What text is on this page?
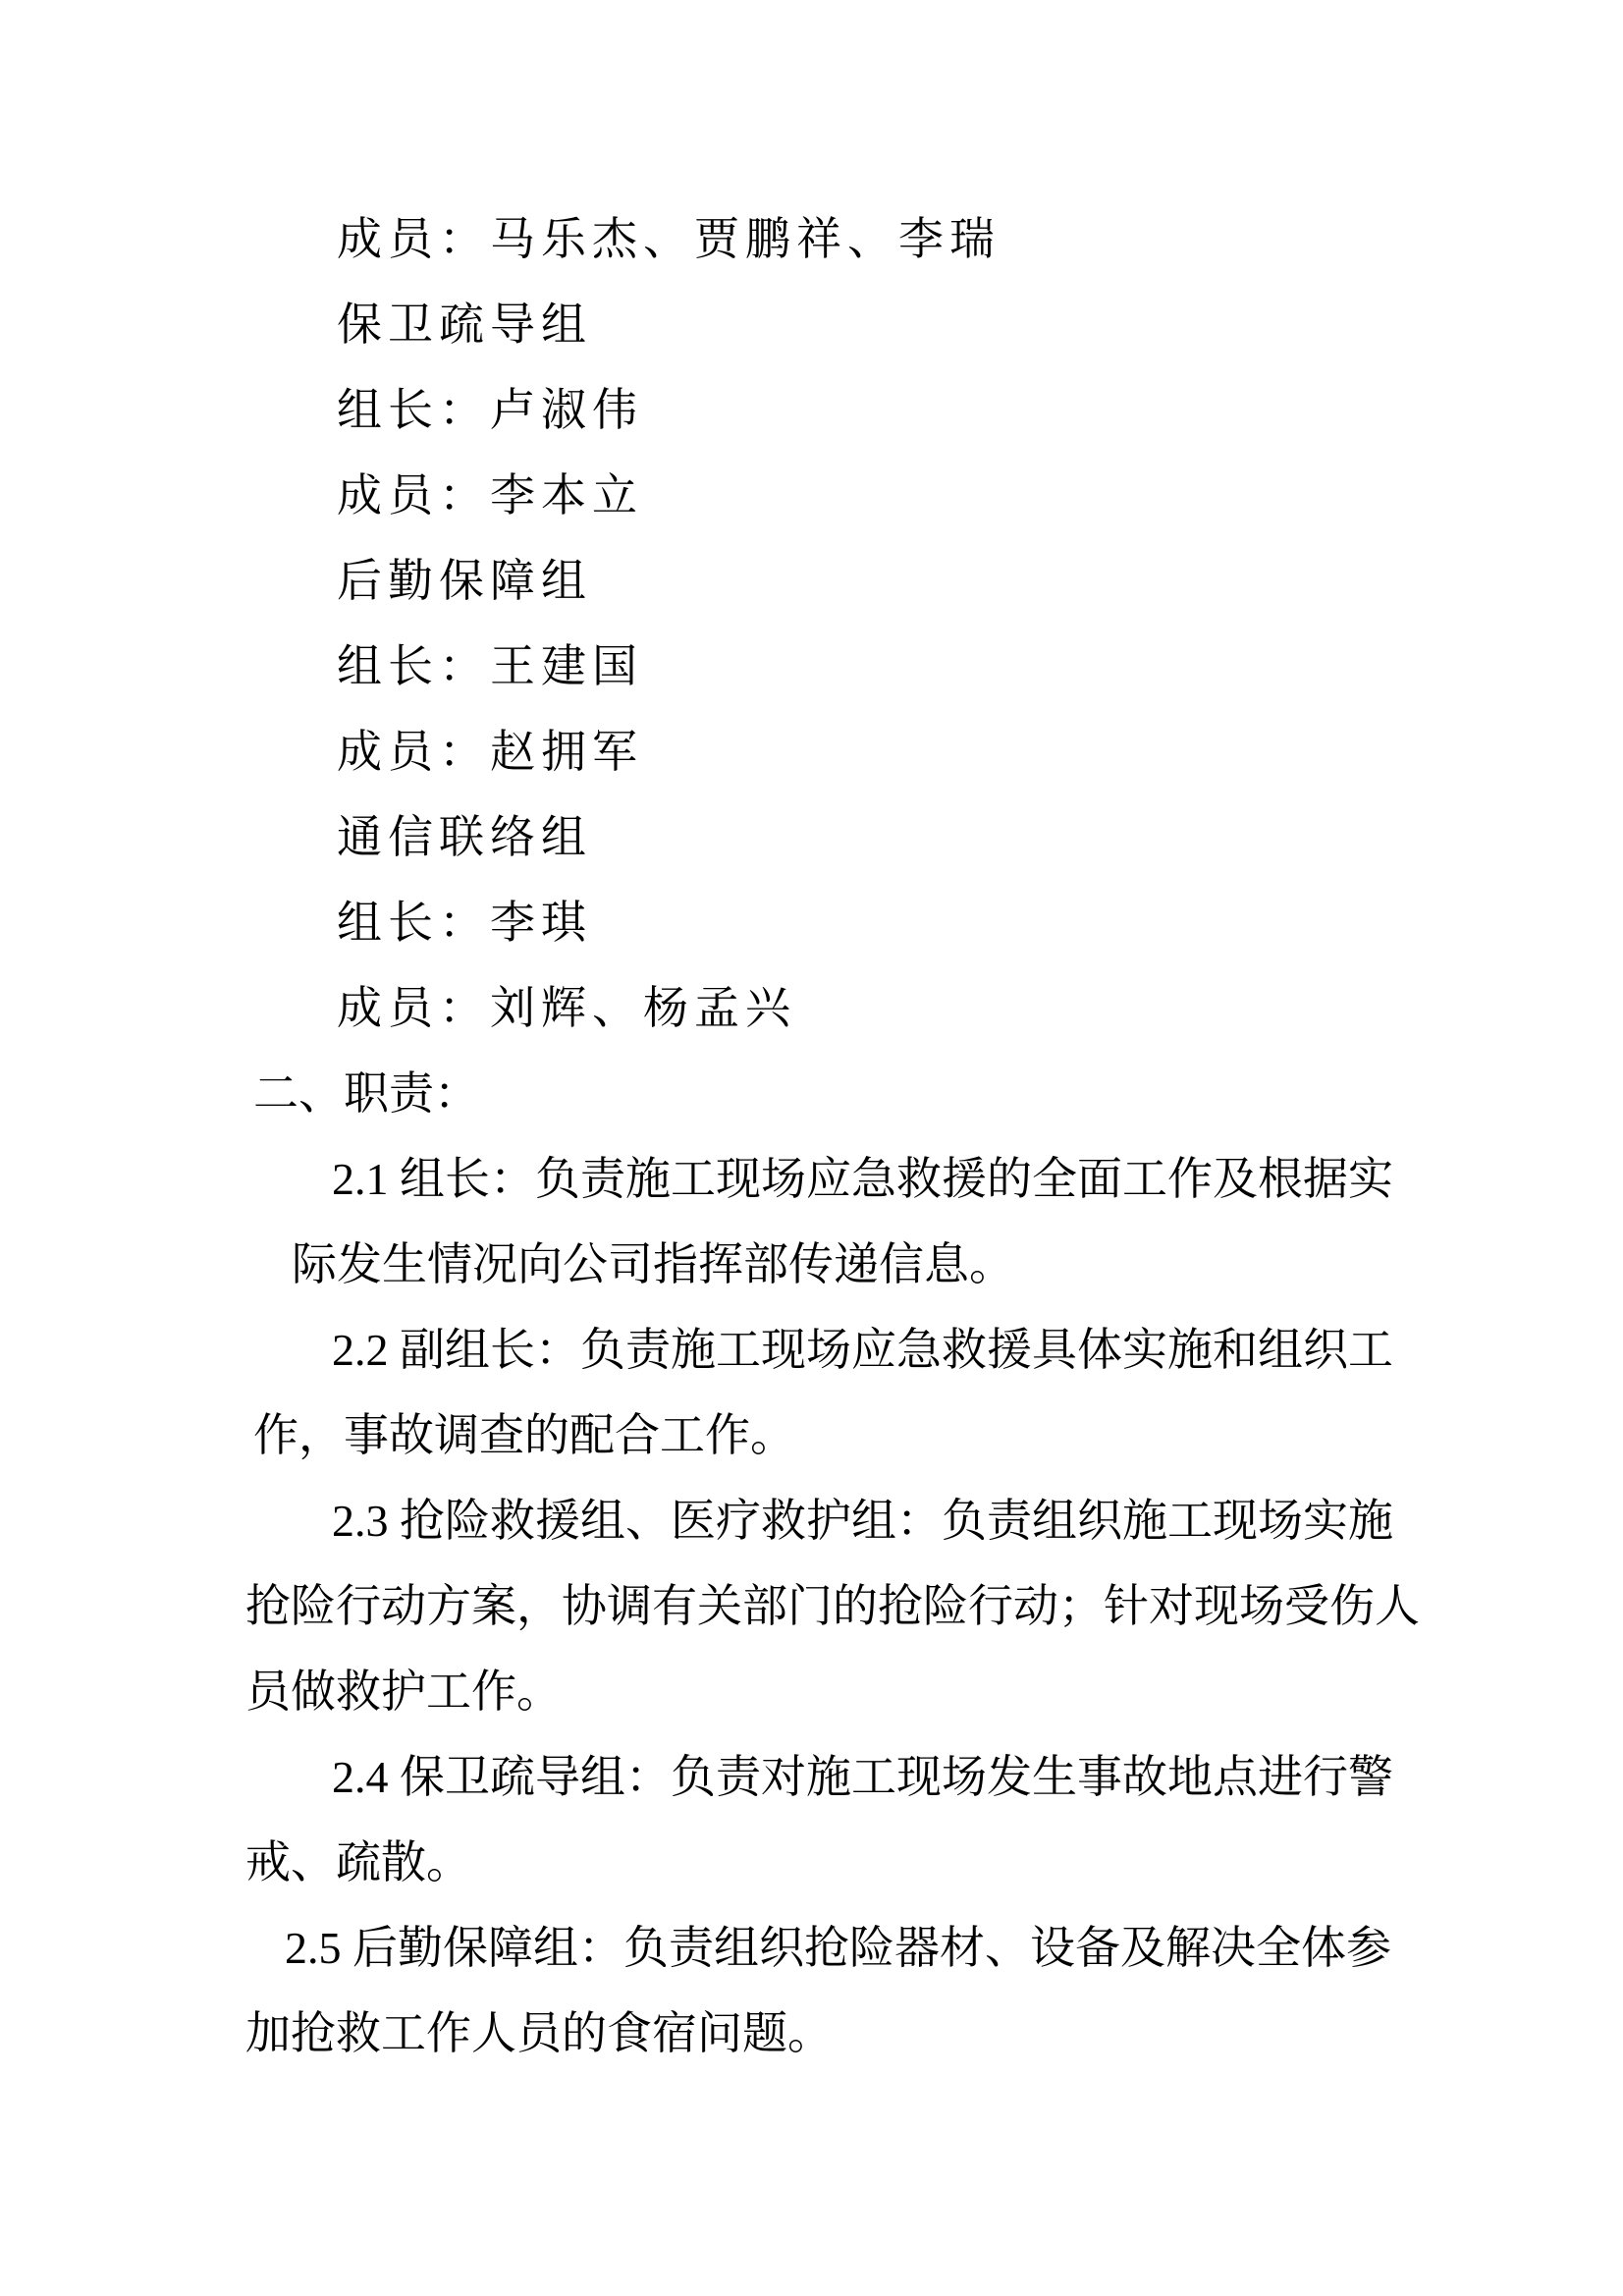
成员：马乐杰、贾鹏祥、李瑞
保卫疏导组
组长：卢淑伟
成员：李本立
后勤保障组
组长：王建国
成员：赵拥军
通信联络组
组长：李琪
成员：刘辉、杨孟兴
二、职责：
2.1 组长：负责施工现场应急救援的全面工作及根据实
际发生情况向公司指挥部传递信息。
2.2 副组长：负责施工现场应急救援具体实施和组织工
作，事故调查的配合工作。
2.3 抢险救援组、医疗救护组：负责组织施工现场实施
抢险行动方案，协调有关部门的抢险行动；针对现场受伤人
员做救护工作。
2.4 保卫疏导组：负责对施工现场发生事故地点进行警
戒、疏散。
2.5 后勤保障组：负责组织抢险器材、设备及解决全体参
加抢救工作人员的食宿问题。
